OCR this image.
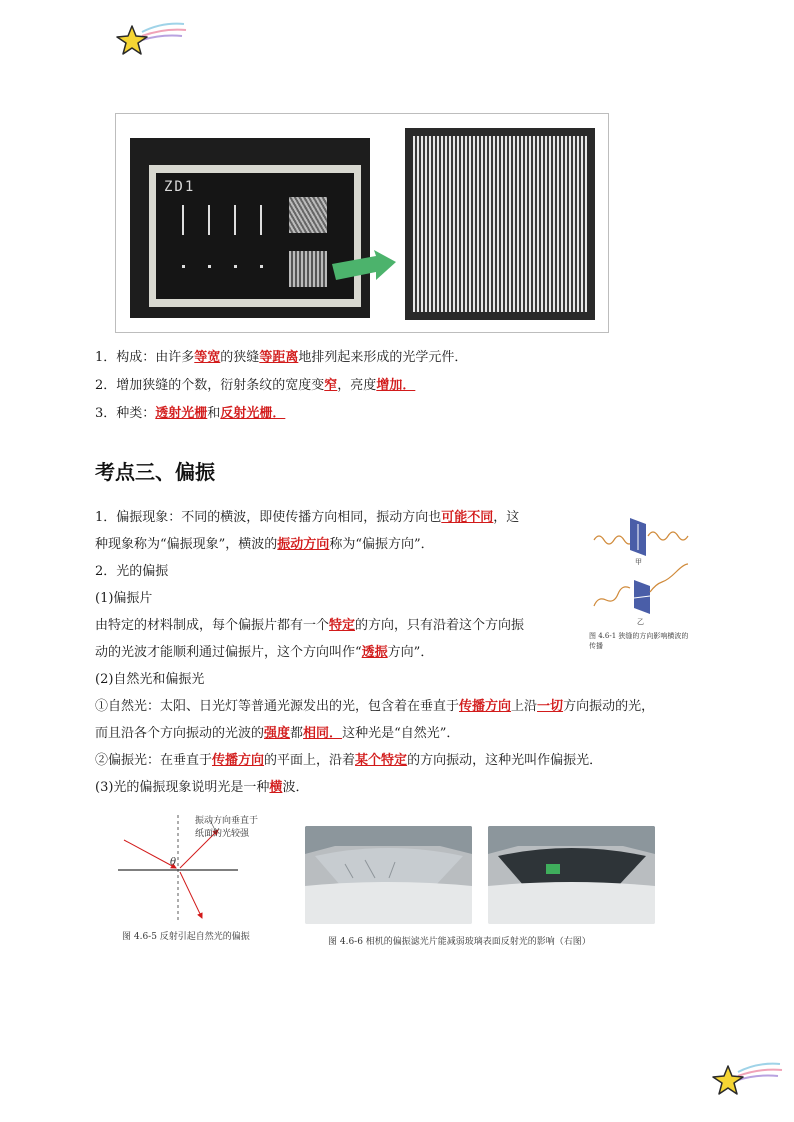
ZD1
1．构成：由许多等宽的狭缝等距离地排列起来形成的光学元件．
2．增加狭缝的个数，衍射条纹的宽度变窄，亮度增加．
3．种类：透射光栅和反射光栅．
考点三、偏振
1．偏振现象：不同的横波，即使传播方向相同，振动方向也可能不同，这
种现象称为“偏振现象”，横波的振动方向称为“偏振方向”．
2．光的偏振
(1)偏振片
由特定的材料制成，每个偏振片都有一个特定的方向，只有沿着这个方向振
动的光波才能顺利通过偏振片，这个方向叫作“透振方向”．
(2)自然光和偏振光
①自然光：太阳、日光灯等普通光源发出的光，包含着在垂直于传播方向上沿一切方向振动的光，
而且沿各个方向振动的光波的强度都相同．这种光是“自然光”．
②偏振光：在垂直于传播方向的平面上，沿着某个特定的方向振动，这种光叫作偏振光．
(3)光的偏振现象说明光是一种横波．
甲
乙
图 4.6-1 狭缝的方向影响横波的
传播
振动方向垂直于
纸面的光较强
θ
图 4.6-5 反射引起自然光的偏振	图 4.6-6 相机的偏振滤光片能减弱玻璃表面反射光的影响（右图）
